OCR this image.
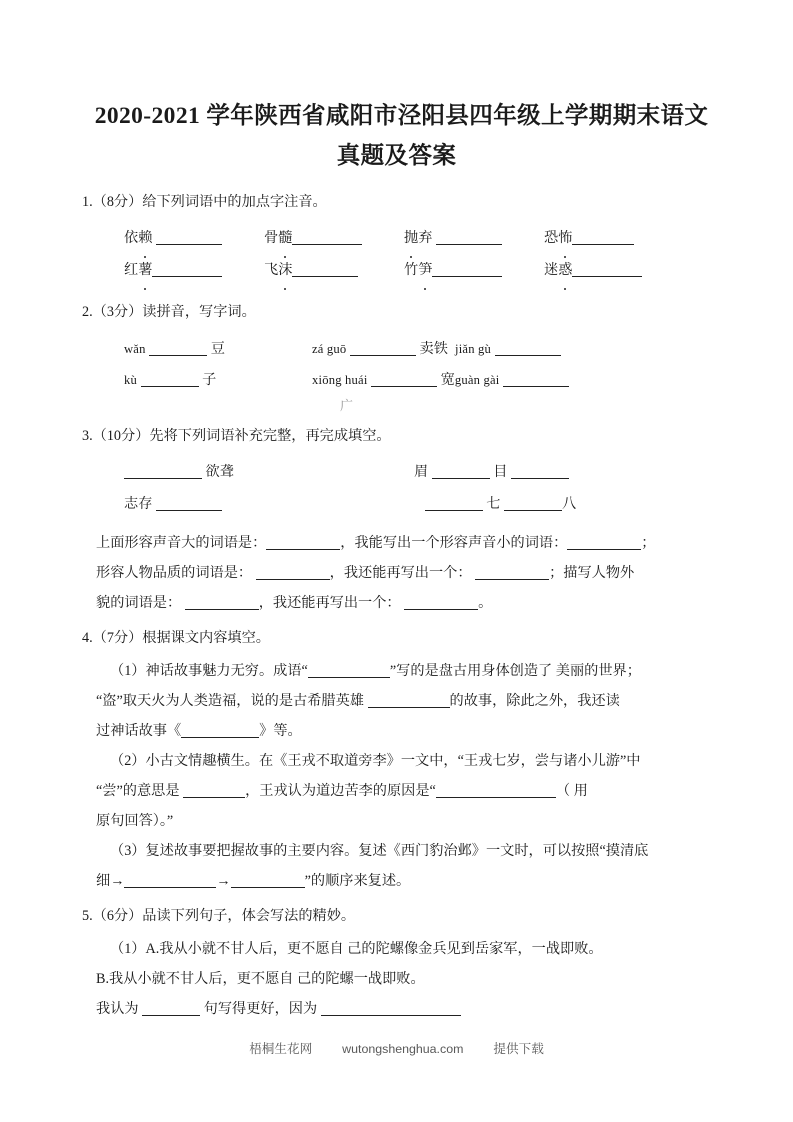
2020-2021 学年陕西省咸阳市泾阳县四年级上学期期末语文
真题及答案
1.（8分）给下列词语中的加点字注音。
依赖	骨髓	抛弃	恐怖
红薯	飞沫	竹笋	迷惑
2.（3分）读拼音，写字词。
wǎn	豆	zá guō	卖铁 jiǎn gù
kù	子	xiōng huái	宽guàn gài
广
3.（10分）先将下列词语补充完整，再完成填空。
欲聋	眉	目
志存	七	八
上面形容声音大的词语是：	，我能写出一个形容声音小的词语：	；
形容人物品质的词语是：	，我还能再写出一个：	；描写人物外
貌的词语是：	，我还能再写出一个：	。
4.（7分）根据课文内容填空。
（1）神话故事魅力无穷。成语“	”写的是盘古用身体创造了 美丽的世界；
“盗”取天火为人类造福，说的是古希腊英雄	的故事，除此之外，我还读
过神话故事《	》等。
（2）小古文情趣横生。在《王戎不取道旁李》一文中，“王戎七岁，尝与诸小儿游”中
“尝”的意思是	，王戎认为道边苦李的原因是“	（ 用
原句回答）。”
（3）复述故事要把握故事的主要内容。复述《西门豹治邺》一文时，可以按照“摸清底
细→	→	”的顺序来复述。
5.（6分）品读下列句子，体会写法的精妙。
（1）A.我从小就不甘人后，更不愿自 己的陀螺像金兵见到岳家军，一战即败。
B.我从小就不甘人后，更不愿自 己的陀螺一战即败。
我认为	句写得更好，因为
梧桐生花网 wutongshenghua.com 提供下载
